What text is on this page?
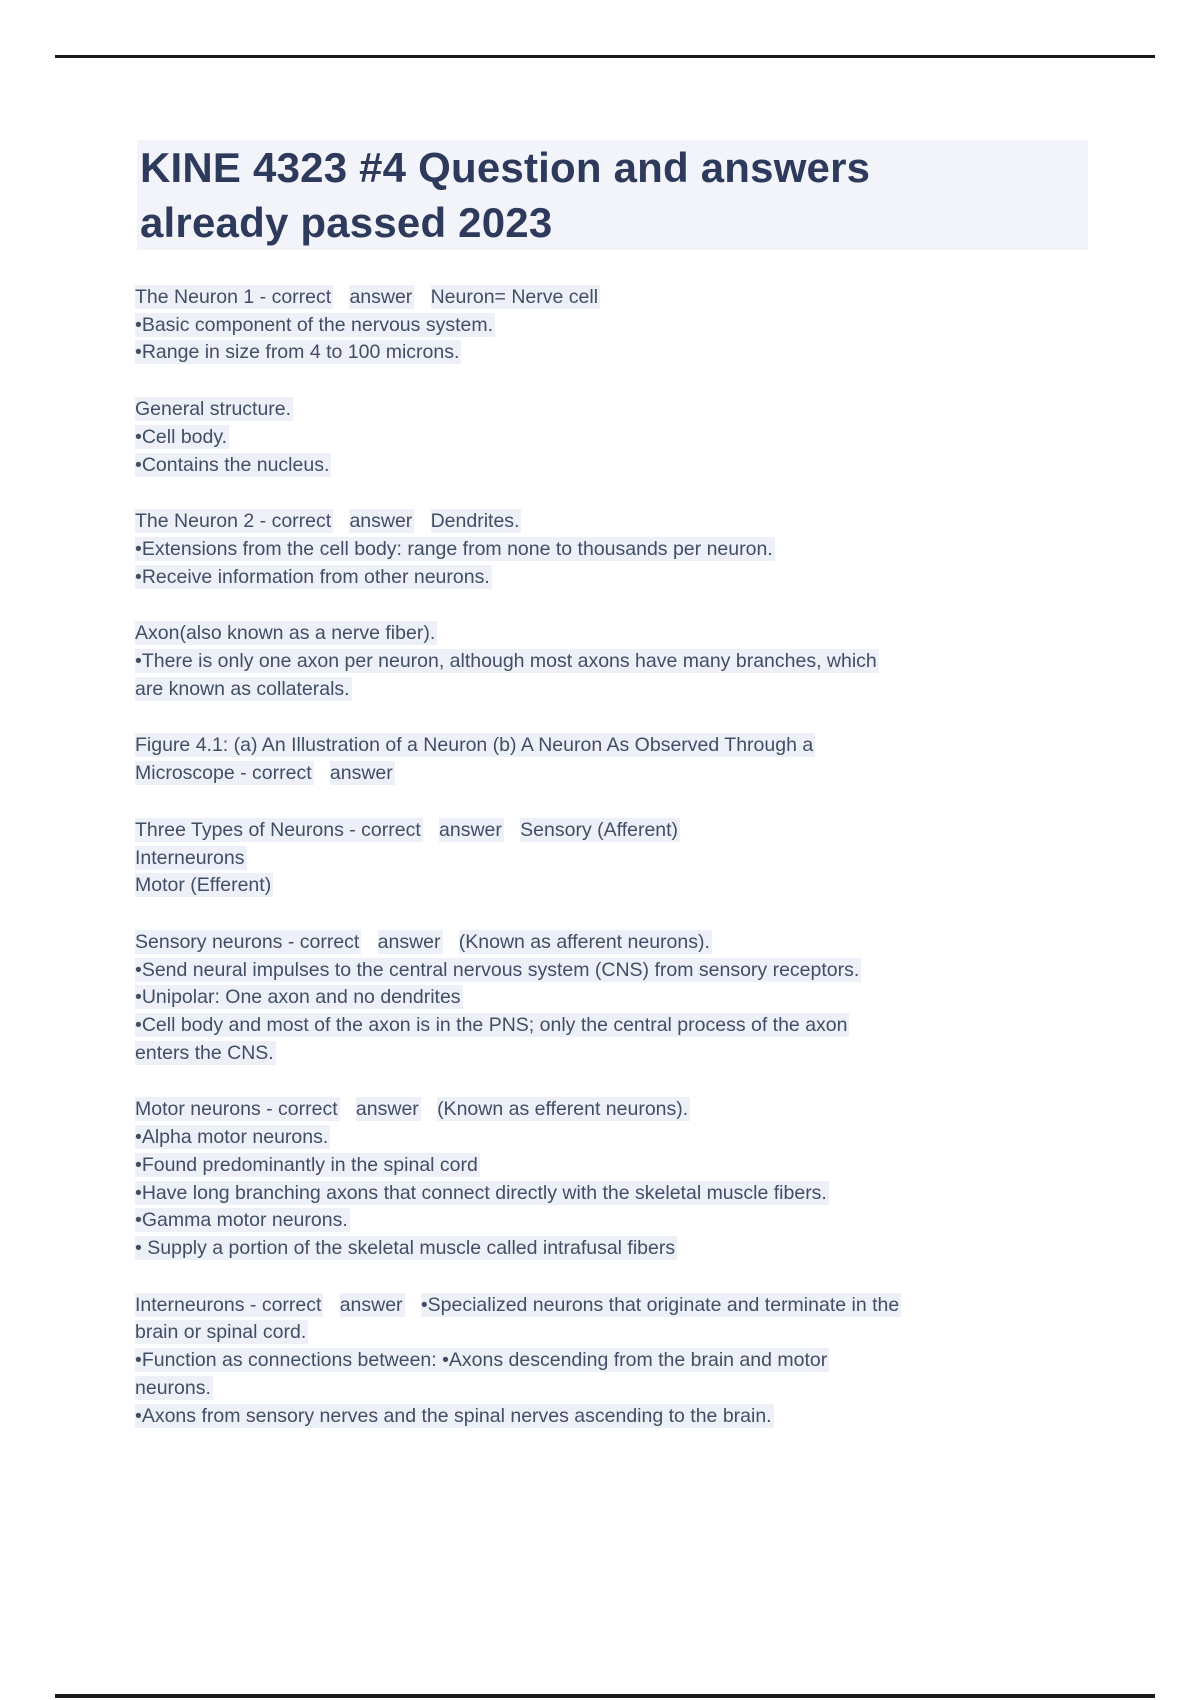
KINE 4323 #4 Question and answers
already passed 2023
The Neuron 1 - correct answer Neuron= Nerve cell
•Basic component of the nervous system.
•Range in size from 4 to 100 microns.
General structure.
•Cell body.
•Contains the nucleus.
The Neuron 2 - correct answer Dendrites.
•Extensions from the cell body: range from none to thousands per neuron.
•Receive information from other neurons.
Axon(also known as a nerve fiber).
•There is only one axon per neuron, although most axons have many branches, which
are known as collaterals.
Figure 4.1: (a) An Illustration of a Neuron (b) A Neuron As Observed Through a
Microscope - correct answer
Three Types of Neurons - correct answer Sensory (Afferent)
Interneurons
Motor (Efferent)
Sensory neurons - correct answer (Known as afferent neurons).
•Send neural impulses to the central nervous system (CNS) from sensory receptors.
•Unipolar: One axon and no dendrites
•Cell body and most of the axon is in the PNS; only the central process of the axon
enters the CNS.
Motor neurons - correct answer (Known as efferent neurons).
•Alpha motor neurons.
•Found predominantly in the spinal cord
•Have long branching axons that connect directly with the skeletal muscle fibers.
•Gamma motor neurons.
• Supply a portion of the skeletal muscle called intrafusal fibers
Interneurons - correct answer •Specialized neurons that originate and terminate in the
brain or spinal cord.
•Function as connections between: •Axons descending from the brain and motor
neurons.
•Axons from sensory nerves and the spinal nerves ascending to the brain.
